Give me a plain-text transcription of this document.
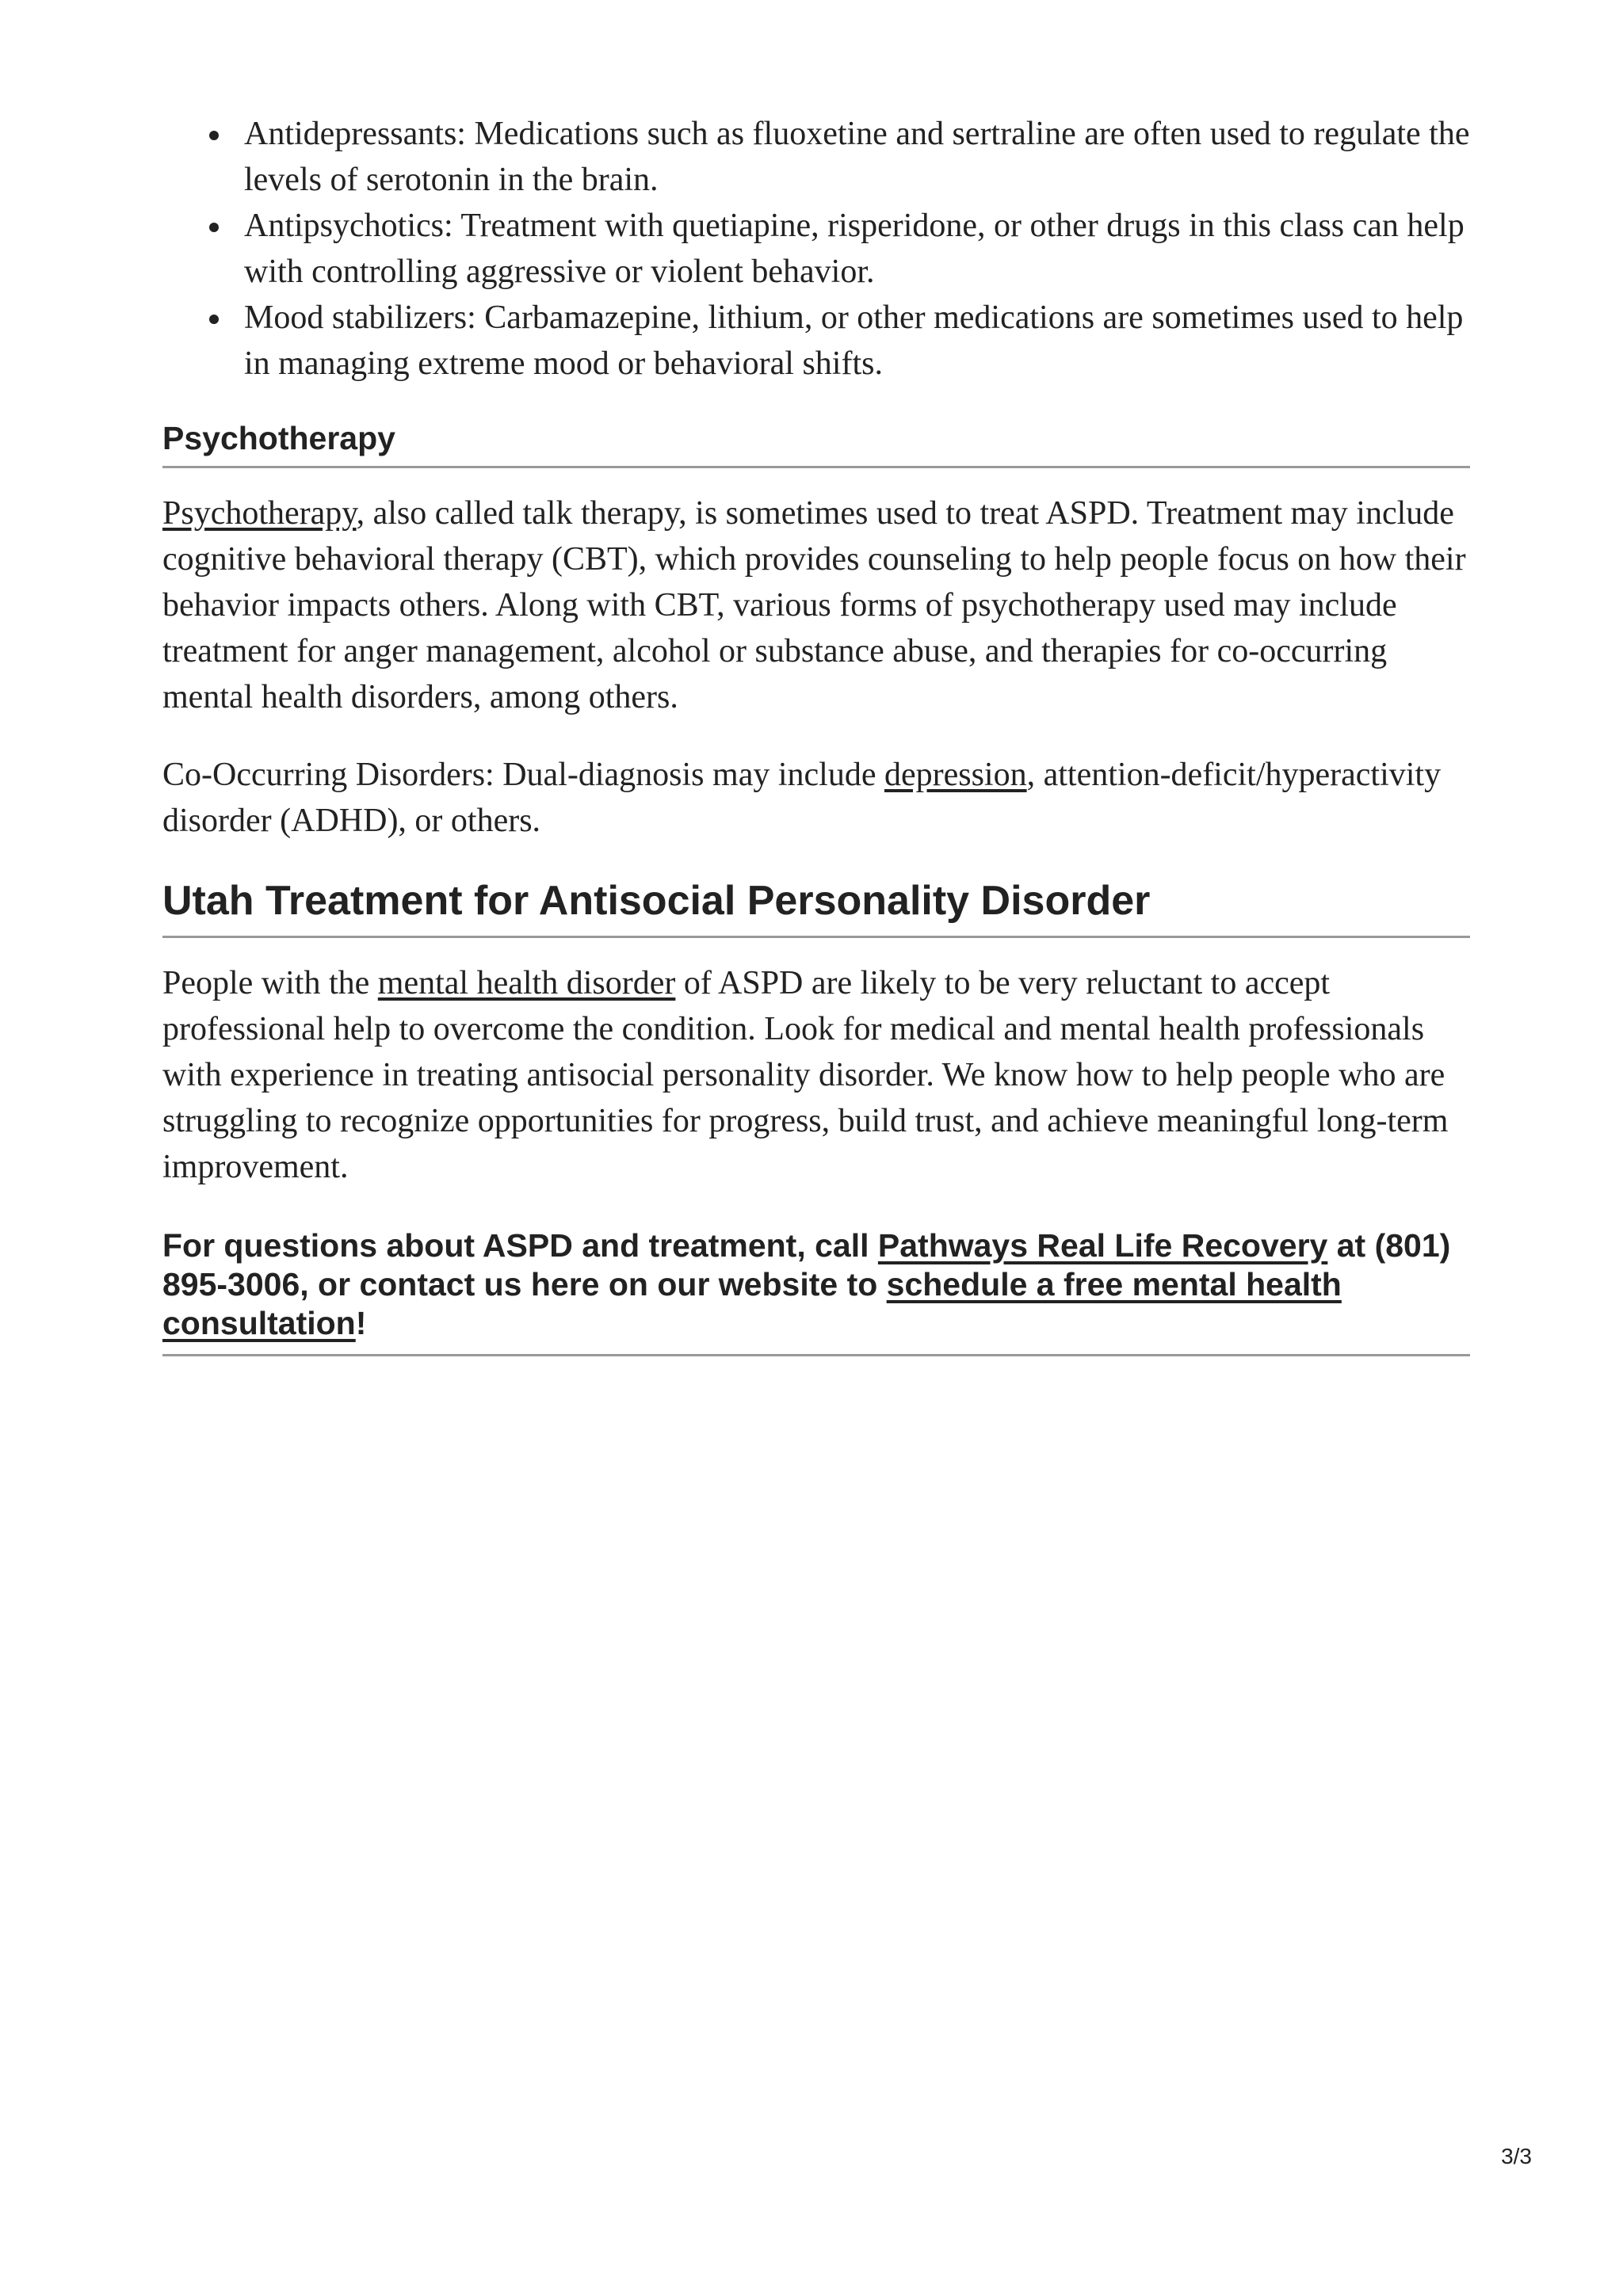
Antidepressants: Medications such as fluoxetine and sertraline are often used to regulate the levels of serotonin in the brain.
Antipsychotics: Treatment with quetiapine, risperidone, or other drugs in this class can help with controlling aggressive or violent behavior.
Mood stabilizers: Carbamazepine, lithium, or other medications are sometimes used to help in managing extreme mood or behavioral shifts.
Psychotherapy

Psychotherapy, also called talk therapy, is sometimes used to treat ASPD. Treatment may include cognitive behavioral therapy (CBT), which provides counseling to help people focus on how their behavior impacts others. Along with CBT, various forms of psychotherapy used may include treatment for anger management, alcohol or substance abuse, and therapies for co-occurring mental health disorders, among others.

Co-Occurring Disorders: Dual-diagnosis may include depression, attention-deficit/hyperactivity disorder (ADHD), or others.

Utah Treatment for Antisocial Personality Disorder

People with the mental health disorder of ASPD are likely to be very reluctant to accept professional help to overcome the condition. Look for medical and mental health professionals with experience in treating antisocial personality disorder. We know how to help people who are struggling to recognize opportunities for progress, build trust, and achieve meaningful long-term improvement.

For questions about ASPD and treatment, call Pathways Real Life Recovery at (801) 895-3006, or contact us here on our website to schedule a free mental health consultation!
3/3
